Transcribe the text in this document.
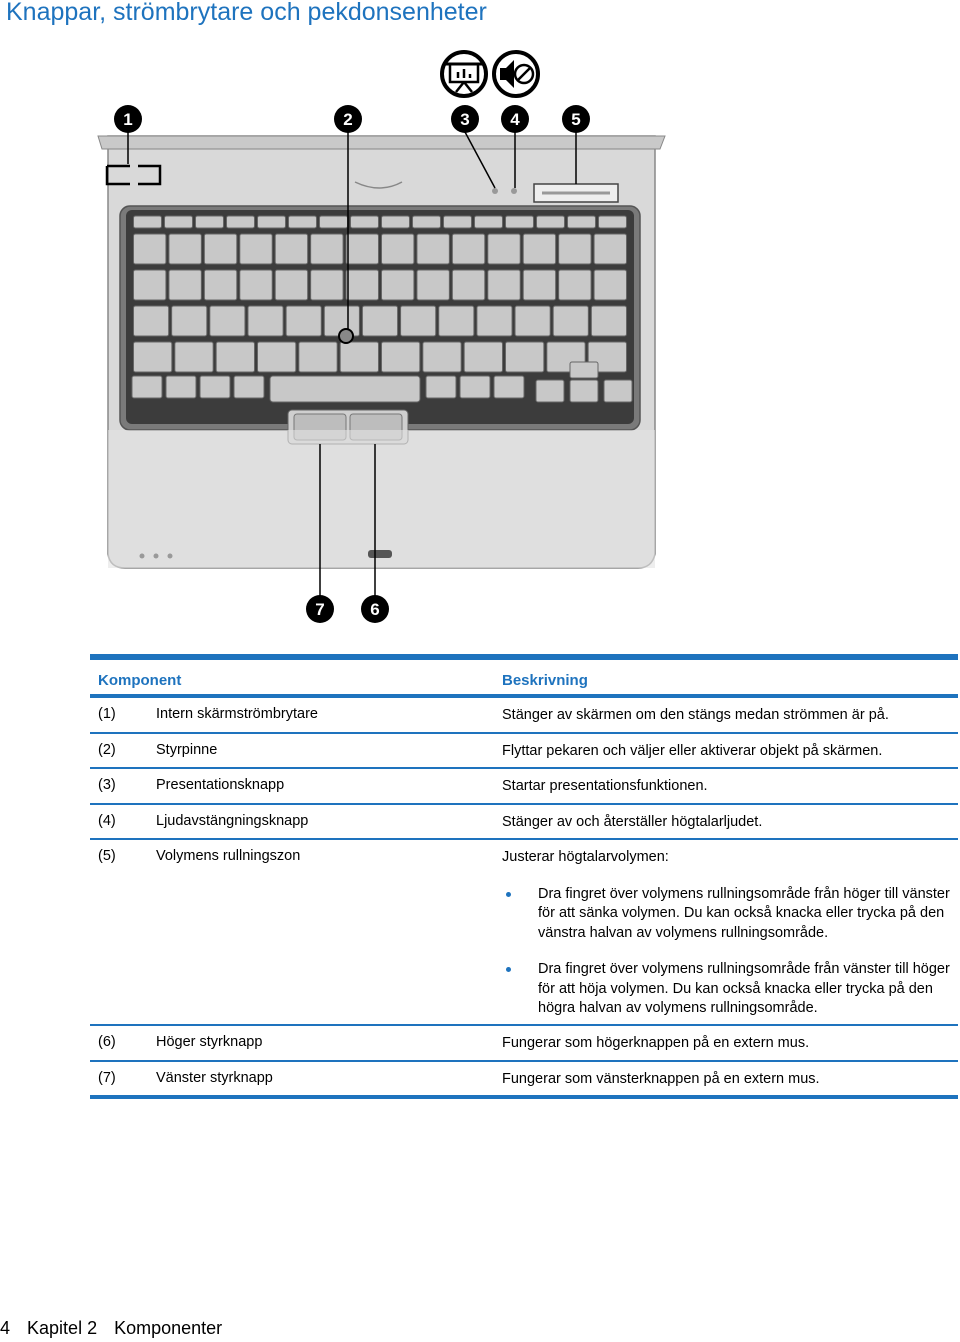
Knappar, strömbrytare och pekdonsenheter
1	2	3 4	5
7	6
Komponent	Beskrivning
(1)	Intern skärmströmbrytare	Stänger av skärmen om den stängs medan strömmen är på.
(2)	Styrpinne	Flyttar pekaren och väljer eller aktiverar objekt på skärmen.
(3)	Presentationsknapp	Startar presentationsfunktionen.
(4)	Ljudavstängningsknapp	Stänger av och återställer högtalarljudet.
(5)	Volymens rullningszon	Justerar högtalarvolymen:
Dra fingret över volymens rullningsområde från höger till vänster för att sänka volymen. Du kan också knacka eller trycka på den vänstra halvan av volymens rullningsområde.
Dra fingret över volymens rullningsområde från vänster till höger för att höja volymen. Du kan också knacka eller trycka på den högra halvan av volymens rullningsområde.
(6)	Höger styrknapp	Fungerar som högerknappen på en extern mus.
(7)	Vänster styrknapp	Fungerar som vänsterknappen på en extern mus.
4 Kapitel 2 Komponenter
